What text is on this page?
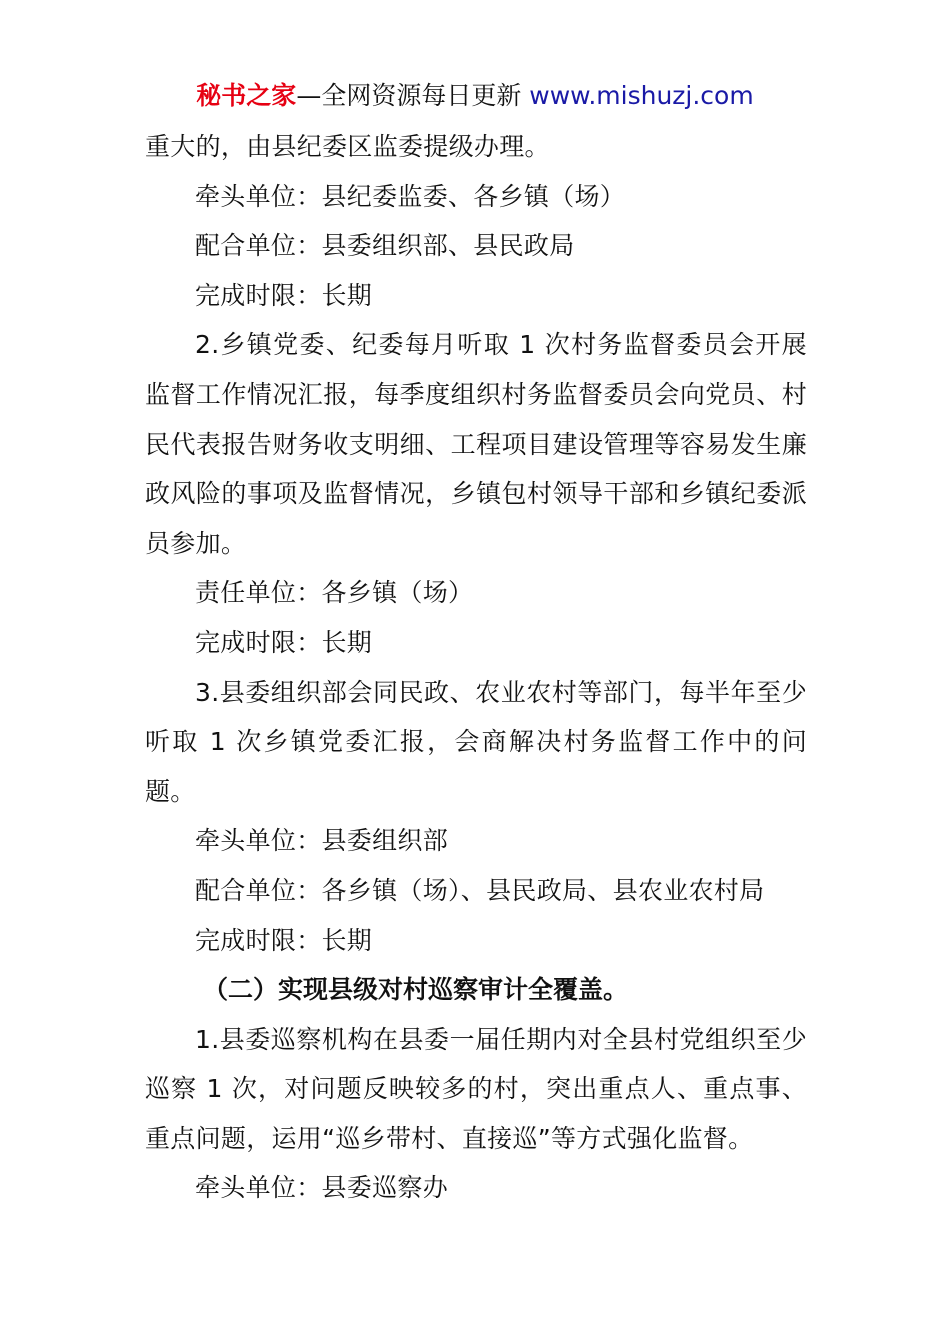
秘书之家—全网资源每日更新 www.mishuzj.com

重大的，由县纪委区监委提级办理。

牵头单位：县纪委监委、各乡镇（场）

配合单位：县委组织部、县民政局

完成时限：长期

2.乡镇党委、纪委每月听取 1 次村务监督委员会开展监督工作情况汇报，每季度组织村务监督委员会向党员、村民代表报告财务收支明细、工程项目建设管理等容易发生廉政风险的事项及监督情况，乡镇包村领导干部和乡镇纪委派员参加。

责任单位：各乡镇（场）

完成时限：长期

3.县委组织部会同民政、农业农村等部门，每半年至少听取 1 次乡镇党委汇报，会商解决村务监督工作中的问题。

牵头单位：县委组织部

配合单位：各乡镇（场）、县民政局、县农业农村局

完成时限：长期

（二）实现县级对村巡察审计全覆盖。

1.县委巡察机构在县委一届任期内对全县村党组织至少巡察 1 次，对问题反映较多的村，突出重点人、重点事、重点问题，运用“巡乡带村、直接巡”等方式强化监督。

牵头单位：县委巡察办
